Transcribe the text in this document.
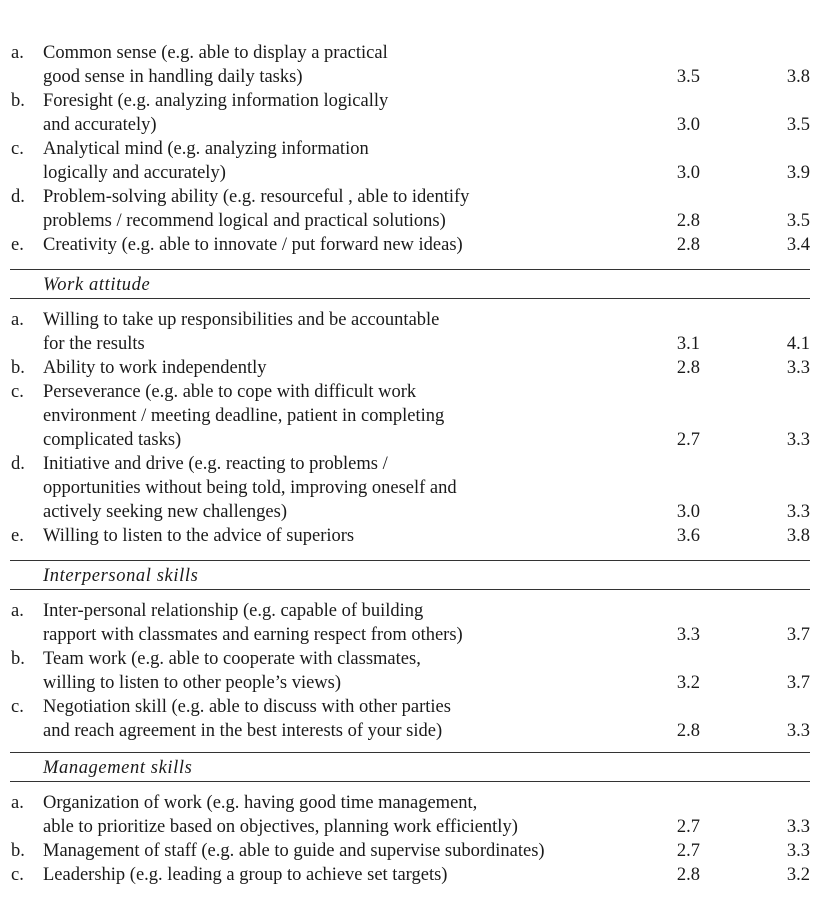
a. Common sense (e.g. able to display a practical
good sense in handling daily tasks)	3.5	3.8
b. Foresight (e.g. analyzing information logically
and accurately)	3.0	3.5
c. Analytical mind (e.g. analyzing information
logically and accurately)	3.0	3.9
d. Problem-solving ability (e.g. resourceful , able to identify
problems / recommend logical and practical solutions)	2.8	3.5
e. Creativity (e.g. able to innovate / put forward new ideas)	2.8	3.4
Work attitude
a. Willing to take up responsibilities and be accountable
for the results	3.1	4.1
b. Ability to work independently	2.8	3.3
c. Perseverance (e.g. able to cope with difficult work
environment / meeting deadline, patient in completing
complicated tasks)	2.7	3.3
d. Initiative and drive (e.g. reacting to problems /
opportunities without being told, improving oneself and
actively seeking new challenges)	3.0	3.3
e. Willing to listen to the advice of superiors	3.6	3.8
Interpersonal skills
a. Inter-personal relationship (e.g. capable of building
rapport with classmates and earning respect from others)	3.3	3.7
b. Team work (e.g. able to cooperate with classmates,
willing to listen to other people’s views)	3.2	3.7
c. Negotiation skill (e.g. able to discuss with other parties
and reach agreement in the best interests of your side)	2.8	3.3
Management skills
a. Organization of work (e.g. having good time management,
able to prioritize based on objectives, planning work efficiently)	2.7	3.3
b. Management of staff (e.g. able to guide and supervise subordinates)	2.7	3.3
c. Leadership (e.g. leading a group to achieve set targets)	2.8	3.2
